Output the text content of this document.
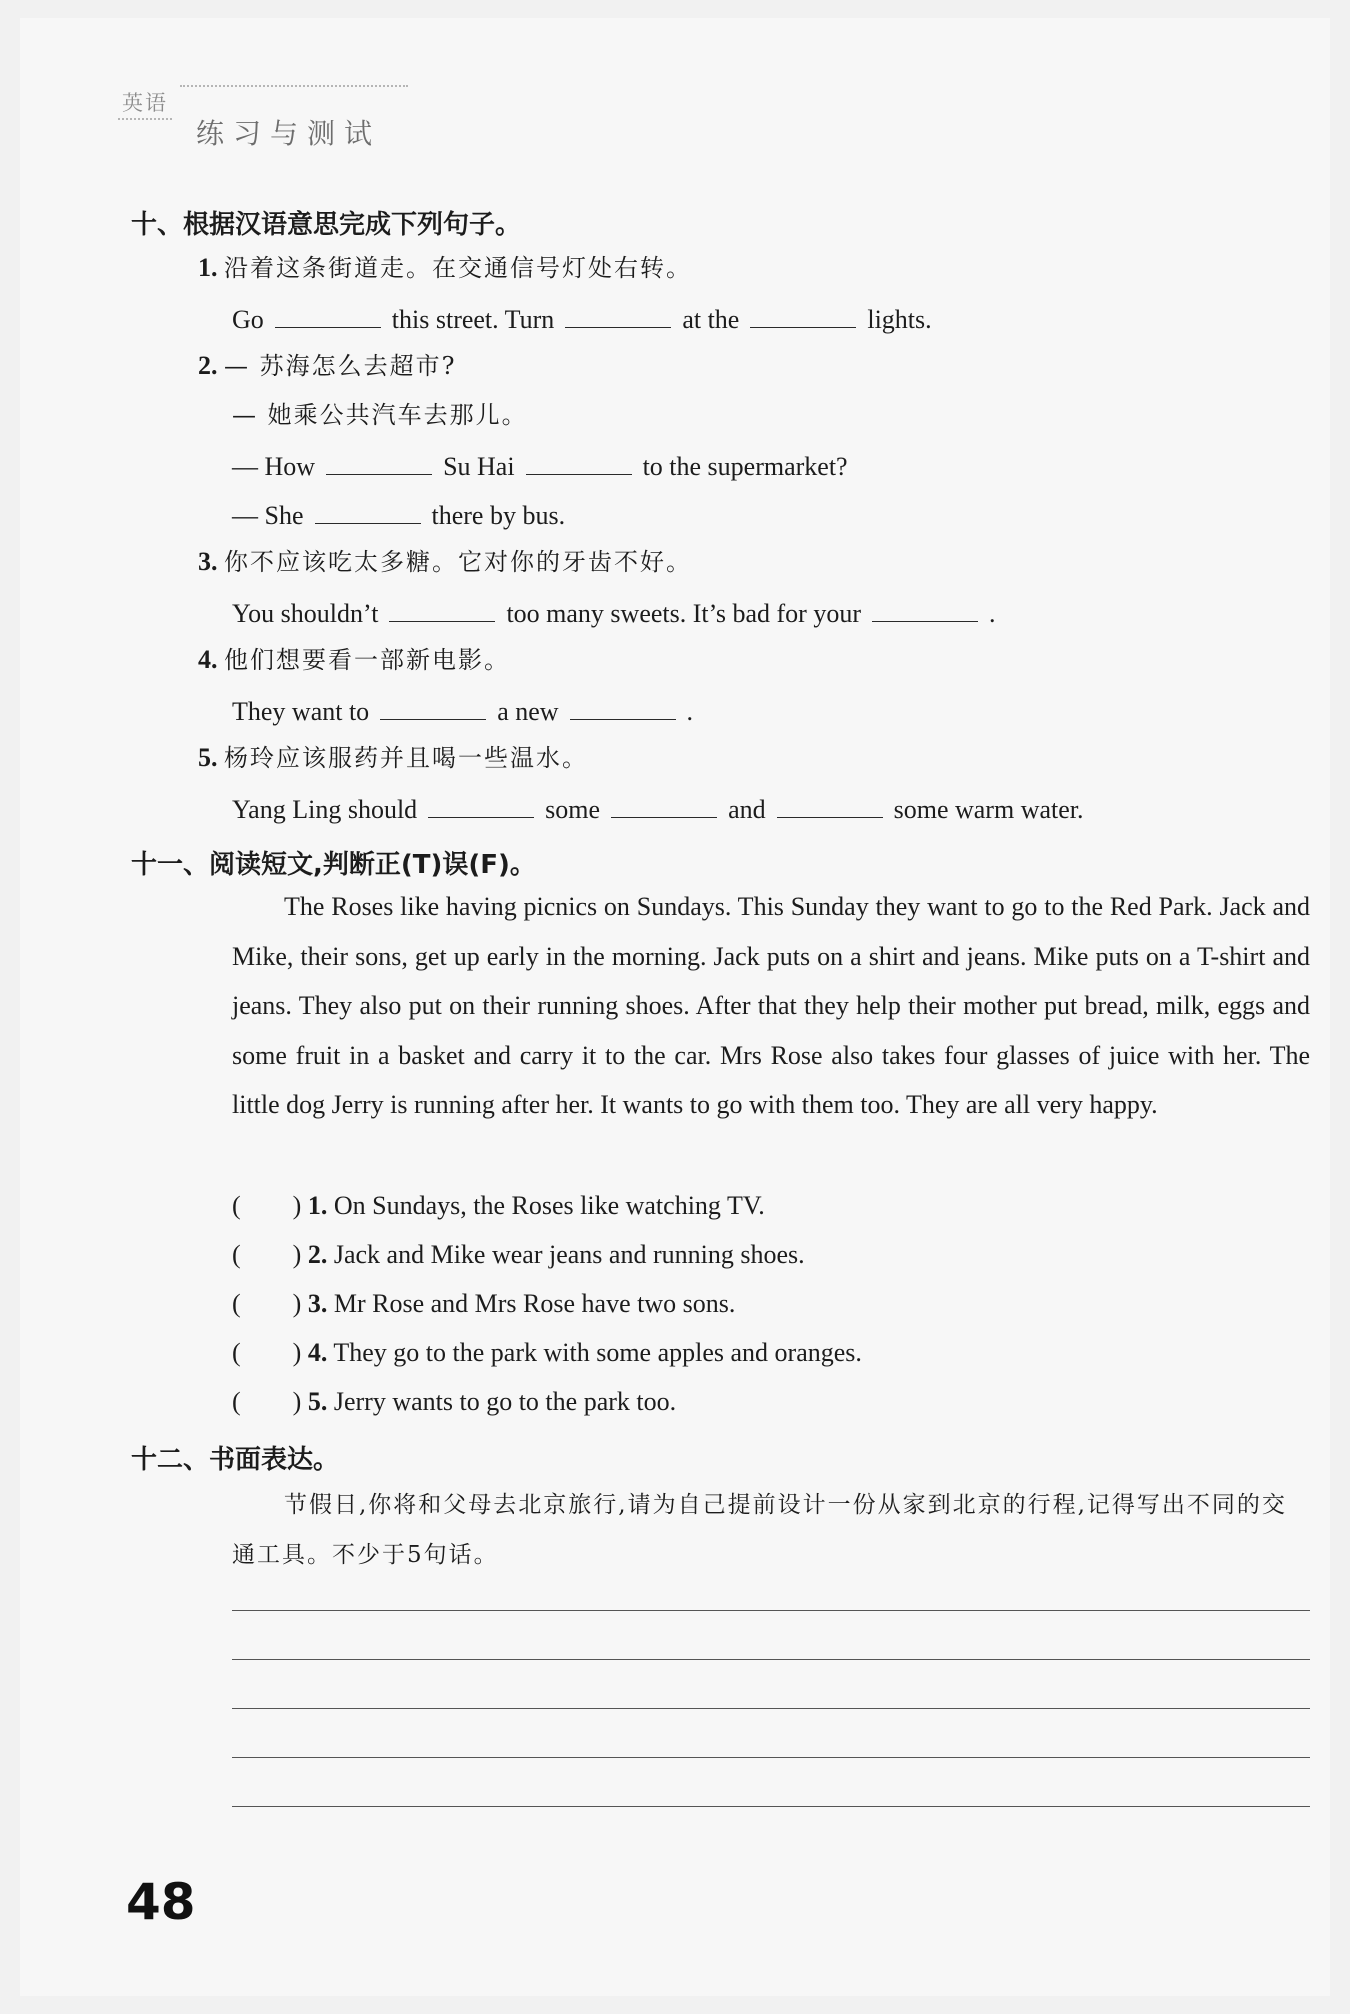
英语
练习与测试
十、根据汉语意思完成下列句子。
1. 沿着这条街道走。在交通信号灯处右转。
Go	this street. Turn	at the	lights.
2. — 苏海怎么去超市?
— 她乘公共汽车去那儿。
— How	Su Hai	to the supermarket?
— She	there by bus.
3. 你不应该吃太多糖。它对你的牙齿不好。
You shouldn’t	too many sweets. It’s bad for your	.
4. 他们想要看一部新电影。
They want to	a new	.
5. 杨玲应该服药并且喝一些温水。
Yang Ling should	some	and	some warm water.
十一、阅读短文,判断正(T)误(F)。
The Roses like having picnics on Sundays. This Sunday they want to go to the Red Park. Jack and Mike, their sons, get up early in the morning. Jack puts on a shirt and jeans. Mike puts on a T-shirt and jeans. They also put on their running shoes. After that they help their mother put bread, milk, eggs and some fruit in a basket and carry it to the car. Mrs Rose also takes four glasses of juice with her. The little dog Jerry is running after her. It wants to go with them too. They are all very happy.
( ) 1. On Sundays, the Roses like watching TV.
( ) 2. Jack and Mike wear jeans and running shoes.
( ) 3. Mr Rose and Mrs Rose have two sons.
( ) 4. They go to the park with some apples and oranges.
( ) 5. Jerry wants to go to the park too.
十二、书面表达。
节假日,你将和父母去北京旅行,请为自己提前设计一份从家到北京的行程,记得写出不同的交通工具。不少于5句话。
48
